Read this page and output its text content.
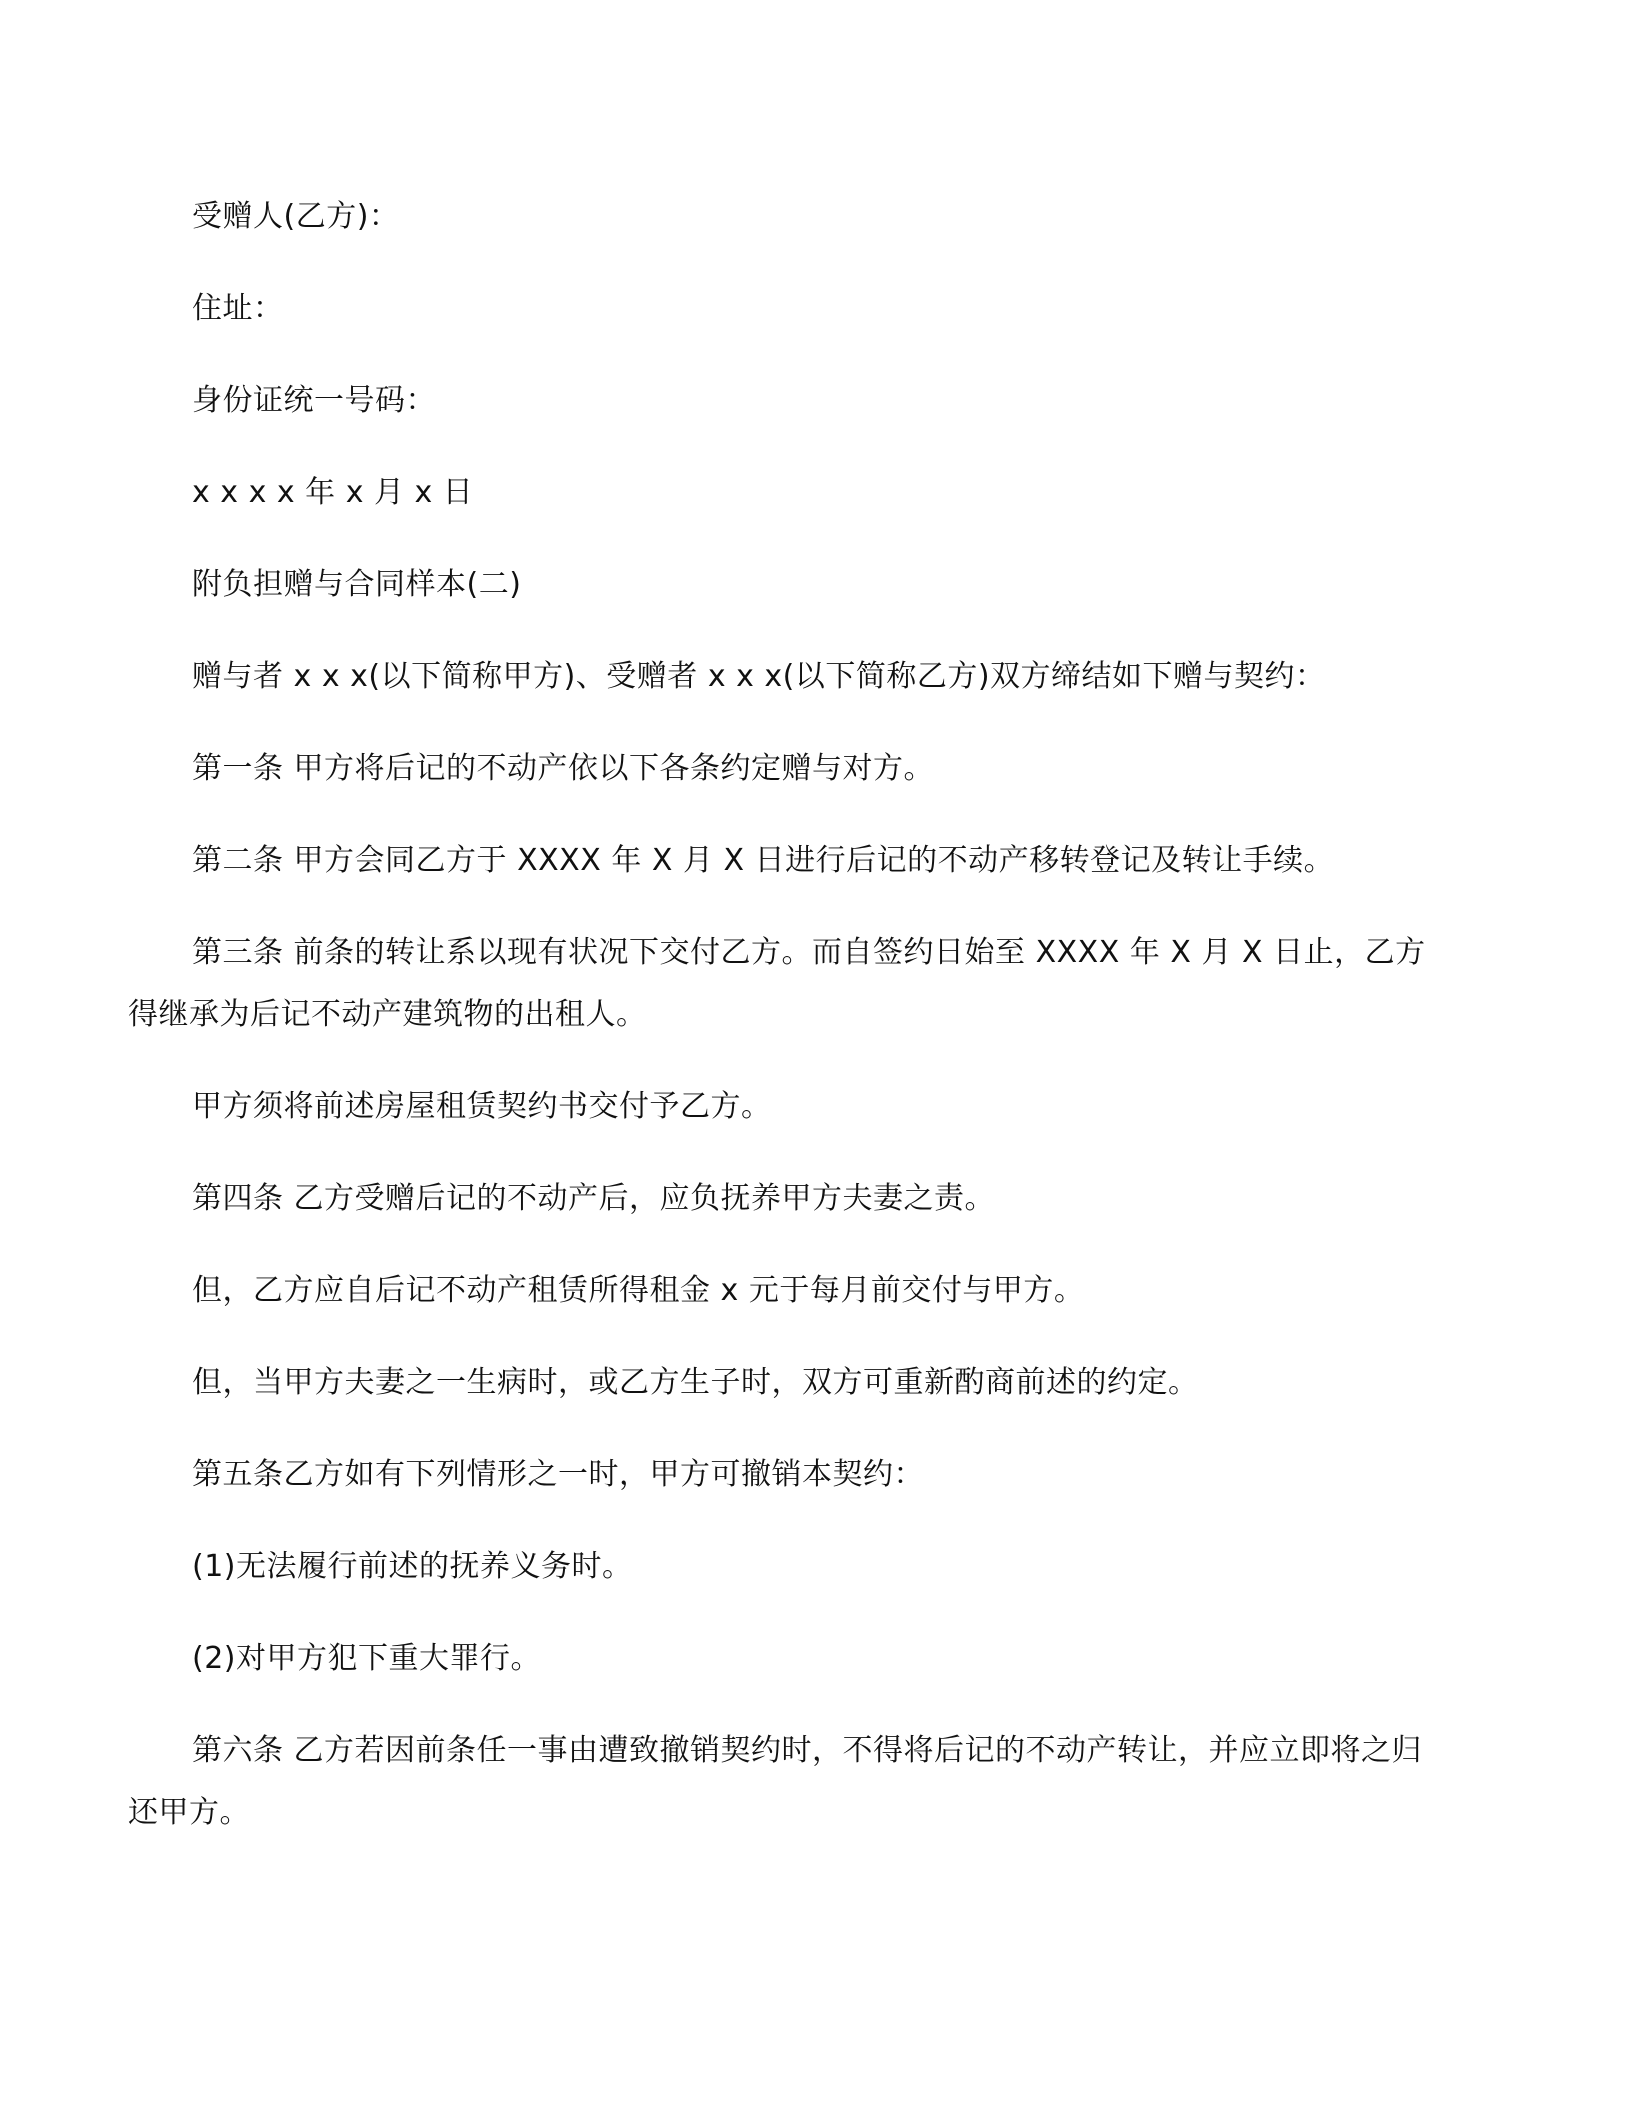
受赠人(乙方)：
住址：
身份证统一号码：
x x x x 年 x 月 x 日
附负担赠与合同样本(二)
赠与者 x x x(以下简称甲方)、受赠者 x x x(以下简称乙方)双方缔结如下赠与契约：
第一条 甲方将后记的不动产依以下各条约定赠与对方。
第二条 甲方会同乙方于 XXXX 年 X 月 X 日进行后记的不动产移转登记及转让手续。
第三条 前条的转让系以现有状况下交付乙方。而自签约日始至 XXXX 年 X 月 X 日止，乙方得继承为后记不动产建筑物的出租人。
甲方须将前述房屋租赁契约书交付予乙方。
第四条 乙方受赠后记的不动产后，应负抚养甲方夫妻之责。
但，乙方应自后记不动产租赁所得租金 x 元于每月前交付与甲方。
但，当甲方夫妻之一生病时，或乙方生子时，双方可重新酌商前述的约定。
第五条乙方如有下列情形之一时，甲方可撤销本契约：
(1)无法履行前述的抚养义务时。
(2)对甲方犯下重大罪行。
第六条 乙方若因前条任一事由遭致撤销契约时，不得将后记的不动产转让，并应立即将之归还甲方。
